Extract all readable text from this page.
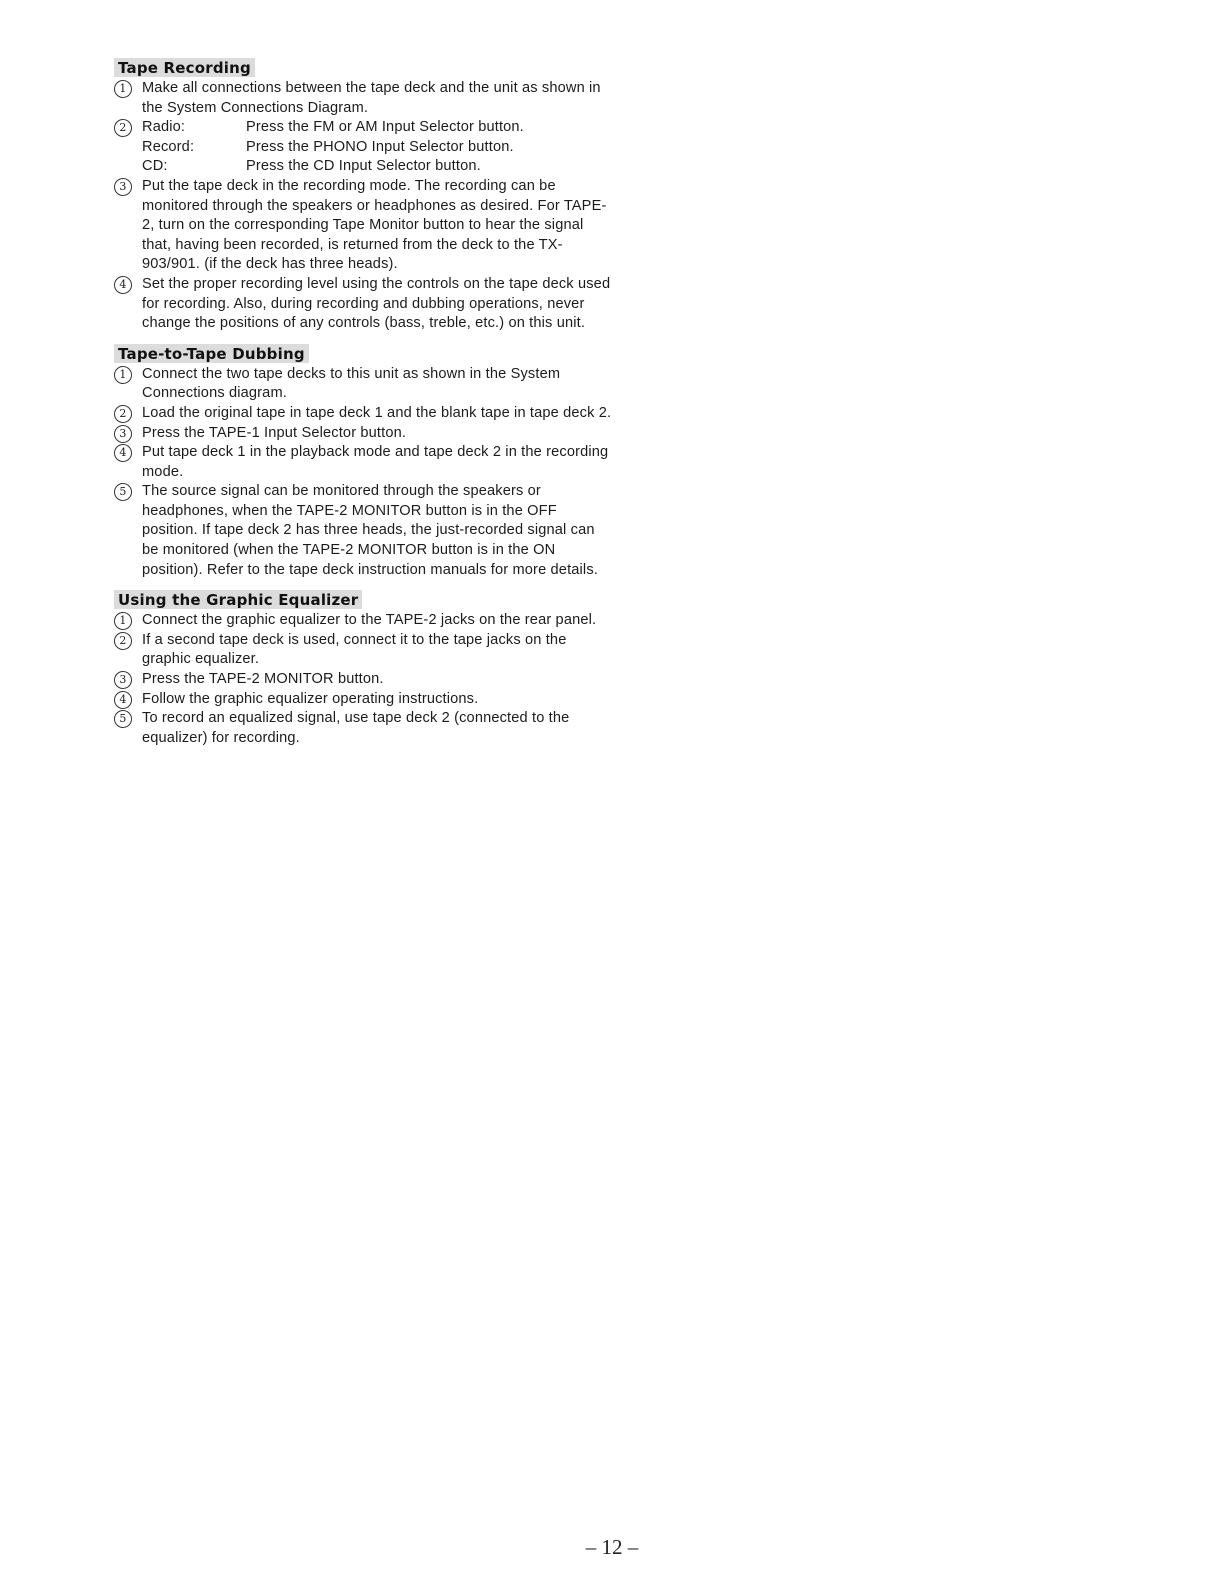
Tape Recording
1	Make all connections between the tape deck and the unit as shown in the System Connections Diagram.
2	Radio:	Press the FM or AM Input Selector button.
Record:	Press the PHONO Input Selector button.
CD:	Press the CD Input Selector button.
3	Put the tape deck in the recording mode. The recording can be monitored through the speakers or headphones as desired. For TAPE-2, turn on the corresponding Tape Monitor button to hear the signal that, having been recorded, is returned from the deck to the TX-903/901. (if the deck has three heads).
4	Set the proper recording level using the controls on the tape deck used for recording. Also, during recording and dubbing operations, never change the positions of any controls (bass, treble, etc.) on this unit.
Tape-to-Tape Dubbing
1	Connect the two tape decks to this unit as shown in the System Connections diagram.
2	Load the original tape in tape deck 1 and the blank tape in tape deck 2.
3	Press the TAPE-1 Input Selector button.
4	Put tape deck 1 in the playback mode and tape deck 2 in the recording mode.
5	The source signal can be monitored through the speakers or headphones, when the TAPE-2 MONITOR button is in the OFF position. If tape deck 2 has three heads, the just-recorded signal can be monitored (when the TAPE-2 MONITOR button is in the ON position). Refer to the tape deck instruction manuals for more details.
Using the Graphic Equalizer
1	Connect the graphic equalizer to the TAPE-2 jacks on the rear panel.
2	If a second tape deck is used, connect it to the tape jacks on the graphic equalizer.
3	Press the TAPE-2 MONITOR button.
4	Follow the graphic equalizer operating instructions.
5	To record an equalized signal, use tape deck 2 (connected to the equalizer) for recording.
– 12 –
